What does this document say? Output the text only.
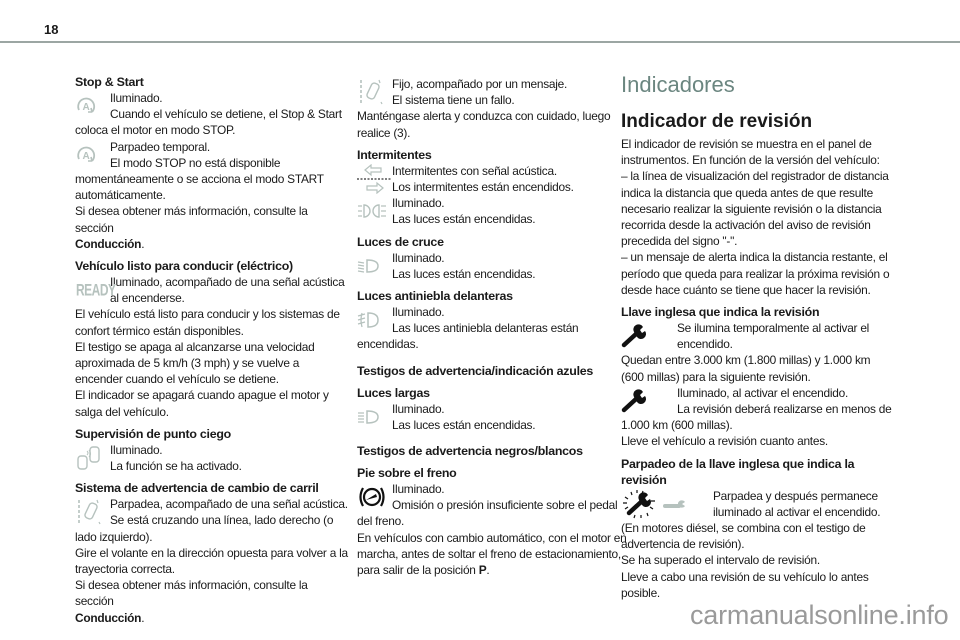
18
Stop & Start
A

Iluminado.

Cuando el vehículo se detiene, el Stop & Start coloca el motor en modo STOP.

A

Parpadeo temporal.

El modo STOP no está disponible momentáneamente o se acciona el modo START automáticamente.

Si desea obtener más información, consulte la sección

Conducción.

Vehículo listo para conducir (eléctrico)
READY

Iluminado, acompañado de una señal acústica al encenderse.

El vehículo está listo para conducir y los sistemas de confort térmico están disponibles.

El testigo se apaga al alcanzarse una velocidad aproximada de 5 km/h (3 mph) y se vuelve a encender cuando el vehículo se detiene.

El indicador se apagará cuando apague el motor y salga del vehículo.

Supervisión de punto ciego

Iluminado.

La función se ha activado.

Sistema de advertencia de cambio de carril

Parpadea, acompañado de una señal acústica.

Se está cruzando una línea, lado derecho (o lado izquierdo).

Gire el volante en la dirección opuesta para volver a la trayectoria correcta.

Si desea obtener más información, consulte la sección

Conducción.

Fijo, acompañado por un mensaje.

El sistema tiene un fallo.

Manténgase alerta y conduzca con cuidado, luego realice (3).

Intermitentes

Intermitentes con señal acústica.

Los intermitentes están encendidos.

Iluminado.

Las luces están encendidas.

Luces de cruce

Iluminado.

Las luces están encendidas.

Luces antiniebla delanteras

Iluminado.

Las luces antiniebla delanteras están encendidas.

Testigos de advertencia/indicación azules
Luces largas

Iluminado.

Las luces están encendidas.

Testigos de advertencia negros/blancos
Pie sobre el freno

Iluminado.

Omisión o presión insuficiente sobre el pedal del freno.

En vehículos con cambio automático, con el motor en marcha, antes de soltar el freno de estacionamiento, para salir de la posición P.

Indicadores
Indicador de revisión

El indicador de revisión se muestra en el panel de instrumentos. En función de la versión del vehículo:

– la línea de visualización del registrador de distancia indica la distancia que queda antes de que resulte necesario realizar la siguiente revisión o la distancia recorrida desde la activación del aviso de revisión precedida del signo "-".

– un mensaje de alerta indica la distancia restante, el período que queda para realizar la próxima revisión o desde hace cuánto se tiene que hacer la revisión.

Llave inglesa que indica la revisión

Se ilumina temporalmente al activar el encendido.

Quedan entre 3.000 km (1.800 millas) y 1.000 km (600 millas) para la siguiente revisión.

Iluminado, al activar el encendido.

La revisión deberá realizarse en menos de 1.000 km (600 millas).

Lleve el vehículo a revisión cuanto antes.

Parpadeo de la llave inglesa que indica la revisión

Parpadea y después permanece iluminado al activar el encendido.

(En motores diésel, se combina con el testigo de advertencia de revisión).

Se ha superado el intervalo de revisión.

Lleve a cabo una revisión de su vehículo lo antes posible.

carmanualsonline.info
